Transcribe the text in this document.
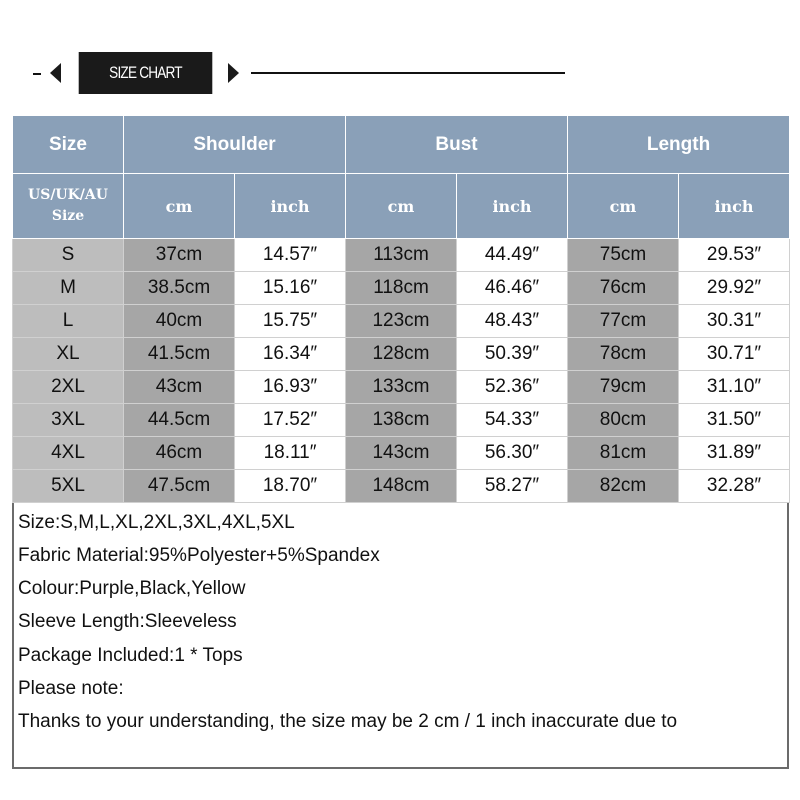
SIZE CHART
Size	Shoulder		Bust		Length	

US/UK/AU
Size	cm	inch	cm	inch	cm	inch
S	37cm	14.57″	113cm	44.49″	75cm	29.53″
M	38.5cm	15.16″	118cm	46.46″	76cm	29.92″
L	40cm	15.75″	123cm	48.43″	77cm	30.31″
XL	41.5cm	16.34″	128cm	50.39″	78cm	30.71″
2XL	43cm	16.93″	133cm	52.36″	79cm	31.10″
3XL	44.5cm	17.52″	138cm	54.33″	80cm	31.50″
4XL	46cm	18.11″	143cm	56.30″	81cm	31.89″
5XL	47.5cm	18.70″	148cm	58.27″	82cm	32.28″
Size:S,M,L,XL,2XL,3XL,4XL,5XL
Fabric Material:95%Polyester+5%Spandex
Colour:Purple,Black,Yellow
Sleeve Length:Sleeveless
Package Included:1 * Tops
Please note:
Thanks to your understanding, the size may be 2 cm / 1 inch inaccurate due to
